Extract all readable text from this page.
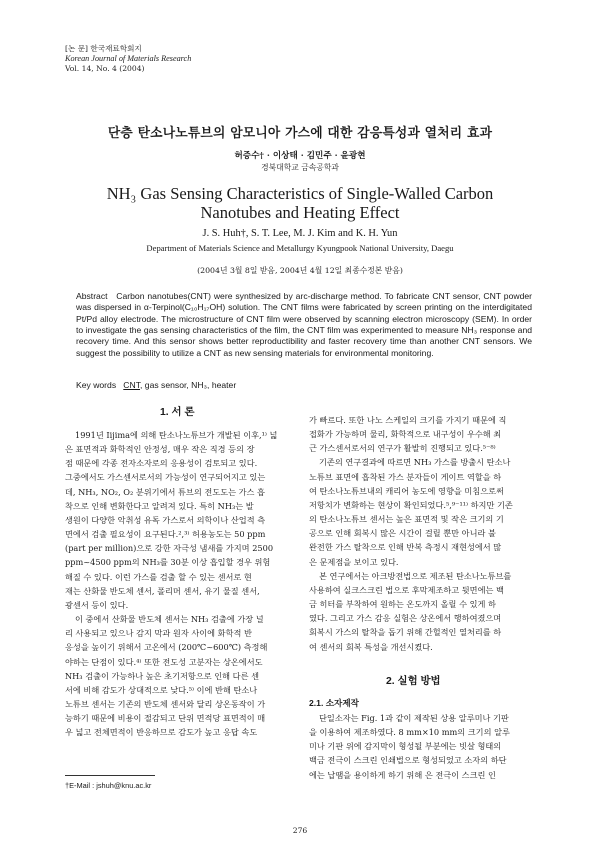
[논 문] 한국재료학회지
Korean Journal of Materials Research
Vol. 14, No. 4 (2004)
단층 탄소나노튜브의 암모니아 가스에 대한 감응특성과 열처리 효과
허증수† · 이상태 · 김민주 · 윤광현
경북대학교 금속공학과
NH₃ Gas Sensing Characteristics of Single-Walled Carbon
Nanotubes and Heating Effect
J. S. Huh†, S. T. Lee, M. J. Kim and K. H. Yun
Department of Materials Science and Metallurgy Kyungpook National University, Daegu
(2004년 3월 8일 받음, 2004년 4월 12일 최종수정본 받음)
Abstract Carbon nanotubes(CNT) were synthesized by arc-discharge method. To fabricate CNT sensor, CNT powder was dispersed in α-Terpinol(C₁₀H₁₇OH) solution. The CNT films were fabricated by screen printing on the interdigitated Pt/Pd alloy electrode. The microstructure of CNT film were observed by scanning electron microscopy (SEM). In order to investigate the gas sensing characteristics of the film, the CNT film was experimented to measure NH₃ response and recovery time. And this sensor shows better reproductibility and faster recovery time than another CNT sensors. We suggest the possibility to utilize a CNT as new sensing materials for environmental monitoring.
Key words CNT, gas sensor, NH₃, heater
1. 서 론
1991년 Iijima에 의해 탄소나노튜브가 개발된 이후,¹⁾ 넓
은 표면적과 화학적인 안정성, 매우 작은 직경 등의 장
점 때문에 각종 전자소자로의 응용성이 검토되고 있다.
그중에서도 가스센서로서의 가능성이 연구되어지고 있는
데, NH₃, NO₂, O₂ 분위기에서 튜브의 전도도는 가스 흡
착으로 인해 변화한다고 알려져 있다. 특히 NH₃는 발
생원이 다양한 악취성 유독 가스로서 의학이나 산업적 측
면에서 검출 필요성이 요구된다.²,³⁾ 허용농도는 50 ppm
(part per million)으로 강한 자극성 냄새를 가지며 2500
ppm~4500 ppm의 NH₃를 30분 이상 흡입할 경우 위험
해질 수 있다. 이런 가스를 검출 할 수 있는 센서로 현
재는 산화물 반도체 센서, 폴리머 센서, 유기 물질 센서,
광센서 등이 있다.
이 중에서 산화물 반도체 센서는 NH₃ 검출에 가장 널
리 사용되고 있으나 감지 막과 원자 사이에 화학적 반
응성을 높이기 위해서 고온에서 (200℃~600℃) 측정해
야하는 단점이 있다.⁴⁾ 또한 전도성 고분자는 상온에서도
NH₃ 검출이 가능하나 높은 초기저항으로 인해 다른 센
서에 비해 감도가 상대적으로 낮다.⁵⁾ 이에 반해 탄소나
노튜브 센서는 기존의 반도체 센서와 달리 상온동작이 가
능하기 때문에 비용이 절감되고 단위 면적당 표면적이 매
우 넓고 전체면적이 반응하므로 감도가 높고 응답 속도
가 빠르다. 또한 나노 스케일의 크기를 가지기 때문에 직
접화가 가능하며 물리, 화학적으로 내구성이 우수해 최
근 가스센서로서의 연구가 활발히 진행되고 있다.⁵⁻⁸⁾
기존의 연구결과에 따르면 NH₃ 가스를 방출시 탄소나
노튜브 표면에 흡착된 가스 분자들이 게이트 역할을 하
여 탄소나노튜브내의 캐리어 농도에 영향을 미침으로써
저항치가 변화하는 현상이 확인되었다.⁵,⁹⁻¹¹⁾ 하지만 기존
의 탄소나노튜브 센서는 높은 표면적 및 작은 크기의 기
공으로 인해 회복시 많은 시간이 걸릴 뿐만 아니라 불
완전한 가스 탈착으로 인해 반복 측정시 재현성에서 많
은 문제점을 보이고 있다.
본 연구에서는 아크방전법으로 제조된 탄소나노튜브를
사용하여 실크스크린 법으로 후막제조하고 뒷면에는 백
금 히터를 부착하여 원하는 온도까지 올릴 수 있게 하
였다. 그리고 가스 감응 실험은 상온에서 행하여졌으며
회복시 가스의 탈착을 돕기 위해 간헐적인 열처리를 하
여 센서의 회복 특성을 개선시켰다.
2. 실험 방법
2.1. 소자제작
단일소자는 Fig. 1과 같이 제작된 상용 알루미나 기판
을 이용하여 제조하였다. 8 mm×10 mm의 크기의 알루
미나 기판 위에 감지막이 형성될 부분에는 빗살 형태의
백금 전극이 스크린 인쇄법으로 형성되었고 소자의 하단
에는 납땜을 용이하게 하기 위해 은 전극이 스크린 인
†E-Mail : jshuh@knu.ac.kr
276
